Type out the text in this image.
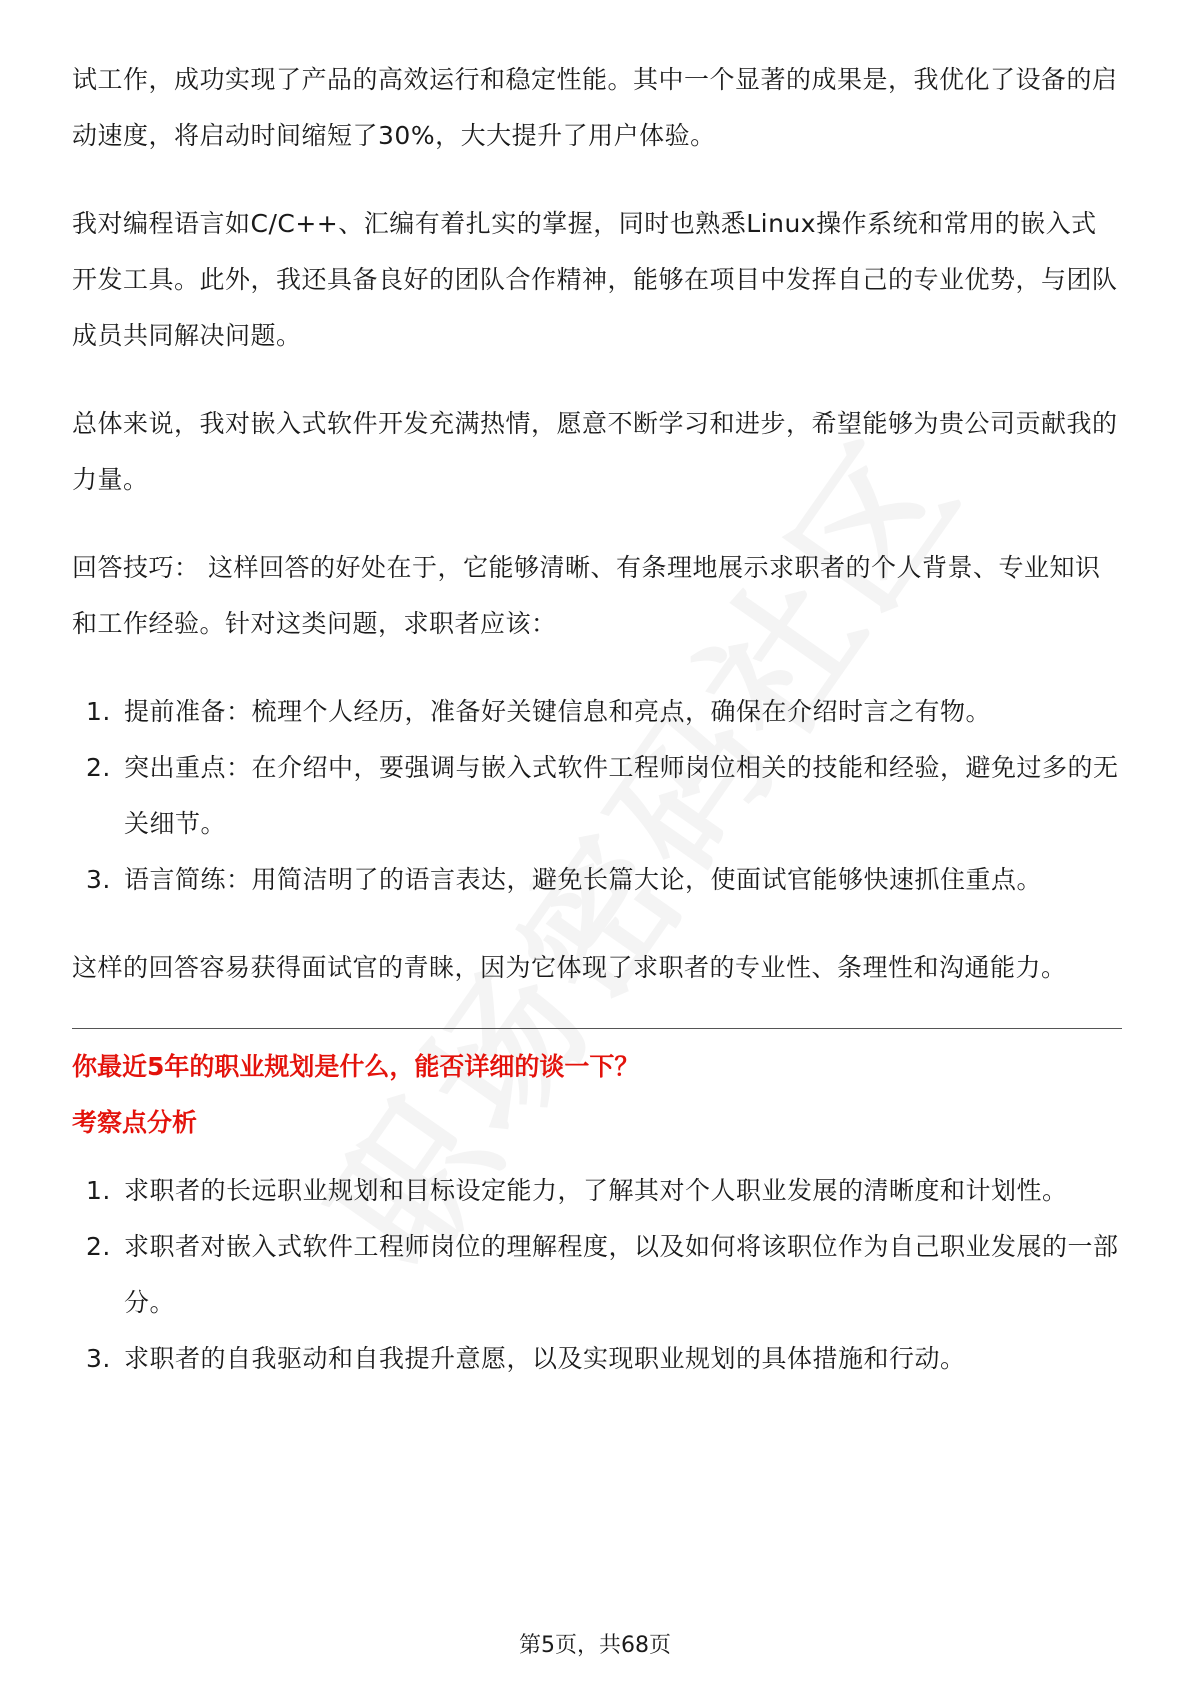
试工作，成功实现了产品的高效运行和稳定性能。其中一个显著的成果是，我优化了设备的启动速度，将启动时间缩短了30%，大大提升了用户体验。

我对编程语言如C/C++、汇编有着扎实的掌握，同时也熟悉Linux操作系统和常用的嵌入式开发工具。此外，我还具备良好的团队合作精神，能够在项目中发挥自己的专业优势，与团队成员共同解决问题。

总体来说，我对嵌入式软件开发充满热情，愿意不断学习和进步，希望能够为贵公司贡献我的力量。

回答技巧： 这样回答的好处在于，它能够清晰、有条理地展示求职者的个人背景、专业知识和工作经验。针对这类问题，求职者应该：

1. 提前准备：梳理个人经历，准备好关键信息和亮点，确保在介绍时言之有物。
2. 突出重点：在介绍中，要强调与嵌入式软件工程师岗位相关的技能和经验，避免过多的无关细节。
3. 语言简练：用简洁明了的语言表达，避免长篇大论，使面试官能够快速抓住重点。

这样的回答容易获得面试官的青睐，因为它体现了求职者的专业性、条理性和沟通能力。

你最近5年的职业规划是什么，能否详细的谈一下？
考察点分析
1. 求职者的长远职业规划和目标设定能力，了解其对个人职业发展的清晰度和计划性。
2. 求职者对嵌入式软件工程师岗位的理解程度，以及如何将该职位作为自己职业发展的一部分。
3. 求职者的自我驱动和自我提升意愿，以及实现职业规划的具体措施和行动。
第5页，共68页
